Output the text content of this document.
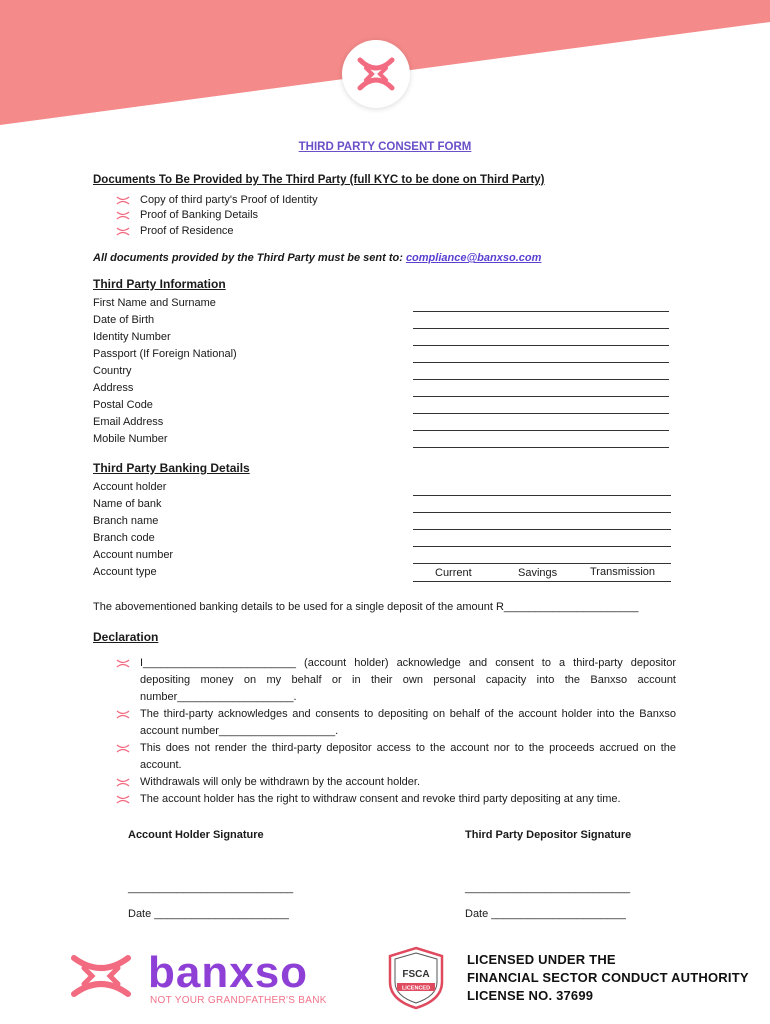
THIRD PARTY CONSENT FORM
Documents To Be Provided by The Third Party (full KYC to be done on Third Party)
Copy of third party's Proof of Identity
Proof of Banking Details
Proof of Residence
All documents provided by the Third Party must be sent to: compliance@banxso.com
Third Party Information
First Name and Surname
Date of Birth
Identity Number
Passport (If Foreign National)
Country
Address
Postal Code
Email Address
Mobile Number
Third Party Banking Details
Account holder
Name of bank
Branch name
Branch code
Account number
Account type	Current	Savings	Transmission
The abovementioned banking details to be used for a single deposit of the amount R______________________
Declaration
I_________________________ (account holder) acknowledge and consent to a third-party depositor depositing money on my behalf or in their own personal capacity into the Banxso account number___________________.
The third-party acknowledges and consents to depositing on behalf of the account holder into the Banxso account number___________________.
This does not render the third-party depositor access to the account nor to the proceeds accrued on the account.
Withdrawals will only be withdrawn by the account holder.
The account holder has the right to withdraw consent and revoke third party depositing at any time.
Account Holder Signature	Third Party Depositor Signature
___________________________	___________________________
Date ______________________	Date ______________________
banxso
NOT YOUR GRANDFATHER'S BANK
FSCA
LICENCED
LICENSED UNDER THE
FINANCIAL SECTOR CONDUCT AUTHORITY
LICENSE NO. 37699
